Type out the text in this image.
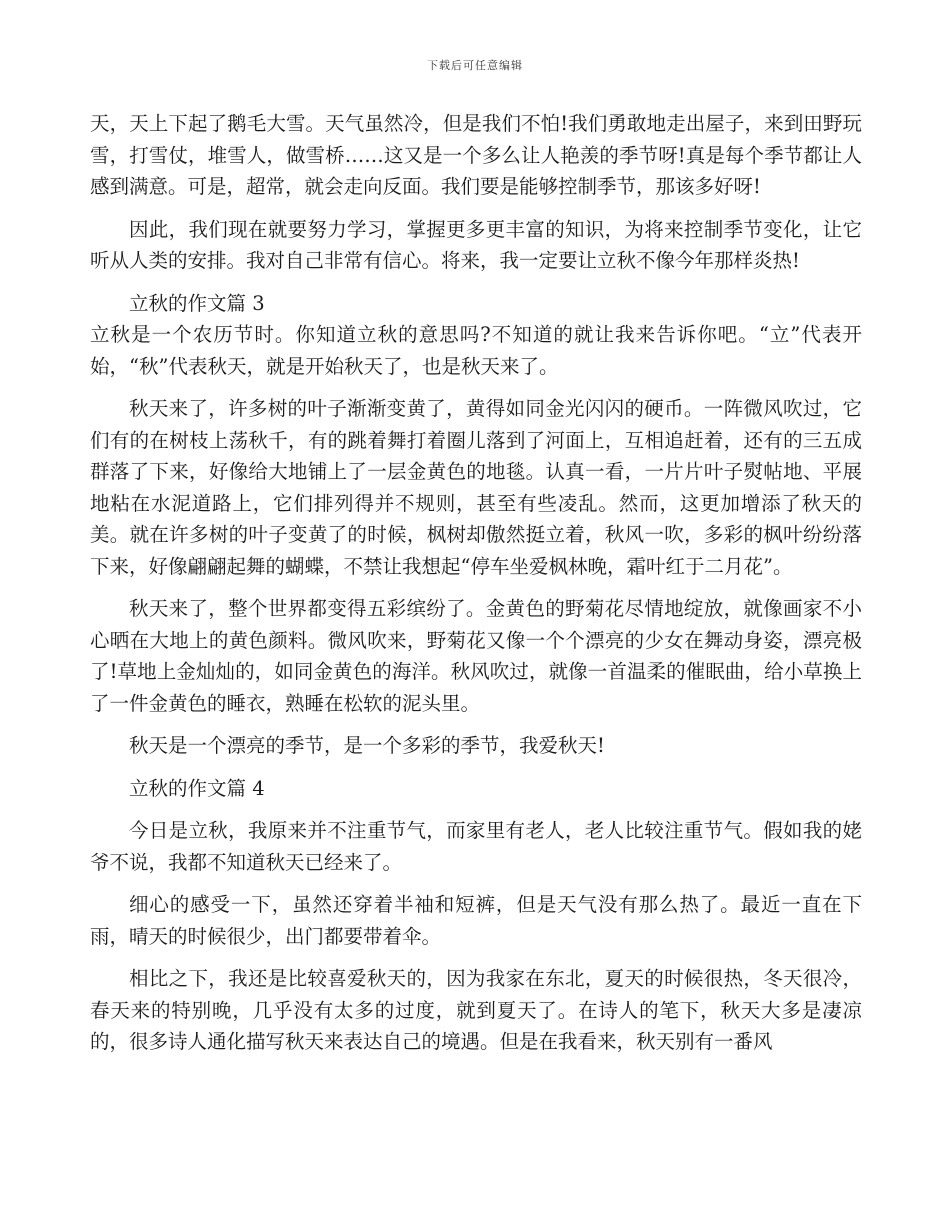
下载后可任意编辑

天，天上下起了鹅毛大雪。天气虽然冷，但是我们不怕!我们勇敢地走出屋子，来到田野玩雪，打雪仗，堆雪人，做雪桥……这又是一个多么让人艳羡的季节呀!真是每个季节都让人感到满意。可是，超常，就会走向反面。我们要是能够控制季节，那该多好呀!

因此，我们现在就要努力学习，掌握更多更丰富的知识，为将来控制季节变化，让它听从人类的安排。我对自己非常有信心。将来，我一定要让立秋不像今年那样炎热!

立秋的作文篇 3

立秋是一个农历节时。你知道立秋的意思吗?不知道的就让我来告诉你吧。“立”代表开始，“秋”代表秋天，就是开始秋天了，也是秋天来了。

秋天来了，许多树的叶子渐渐变黄了，黄得如同金光闪闪的硬币。一阵微风吹过，它们有的在树枝上荡秋千，有的跳着舞打着圈儿落到了河面上，互相追赶着，还有的三五成群落了下来，好像给大地铺上了一层金黄色的地毯。认真一看，一片片叶子熨帖地、平展地粘在水泥道路上，它们排列得并不规则，甚至有些凌乱。然而，这更加增添了秋天的美。就在许多树的叶子变黄了的时候，枫树却傲然挺立着，秋风一吹，多彩的枫叶纷纷落下来，好像翩翩起舞的蝴蝶，不禁让我想起“停车坐爱枫林晚，霜叶红于二月花”。

秋天来了，整个世界都变得五彩缤纷了。金黄色的野菊花尽情地绽放，就像画家不小心晒在大地上的黄色颜料。微风吹来，野菊花又像一个个漂亮的少女在舞动身姿，漂亮极了!草地上金灿灿的，如同金黄色的海洋。秋风吹过，就像一首温柔的催眠曲，给小草换上了一件金黄色的睡衣，熟睡在松软的泥头里。

秋天是一个漂亮的季节，是一个多彩的季节，我爱秋天!

立秋的作文篇 4

今日是立秋，我原来并不注重节气，而家里有老人，老人比较注重节气。假如我的姥爷不说，我都不知道秋天已经来了。

细心的感受一下，虽然还穿着半袖和短裤，但是天气没有那么热了。最近一直在下雨，晴天的时候很少，出门都要带着伞。

相比之下，我还是比较喜爱秋天的，因为我家在东北，夏天的时候很热，冬天很冷，春天来的特别晚，几乎没有太多的过度，就到夏天了。在诗人的笔下，秋天大多是凄凉的，很多诗人通化描写秋天来表达自己的境遇。但是在我看来，秋天别有一番风
